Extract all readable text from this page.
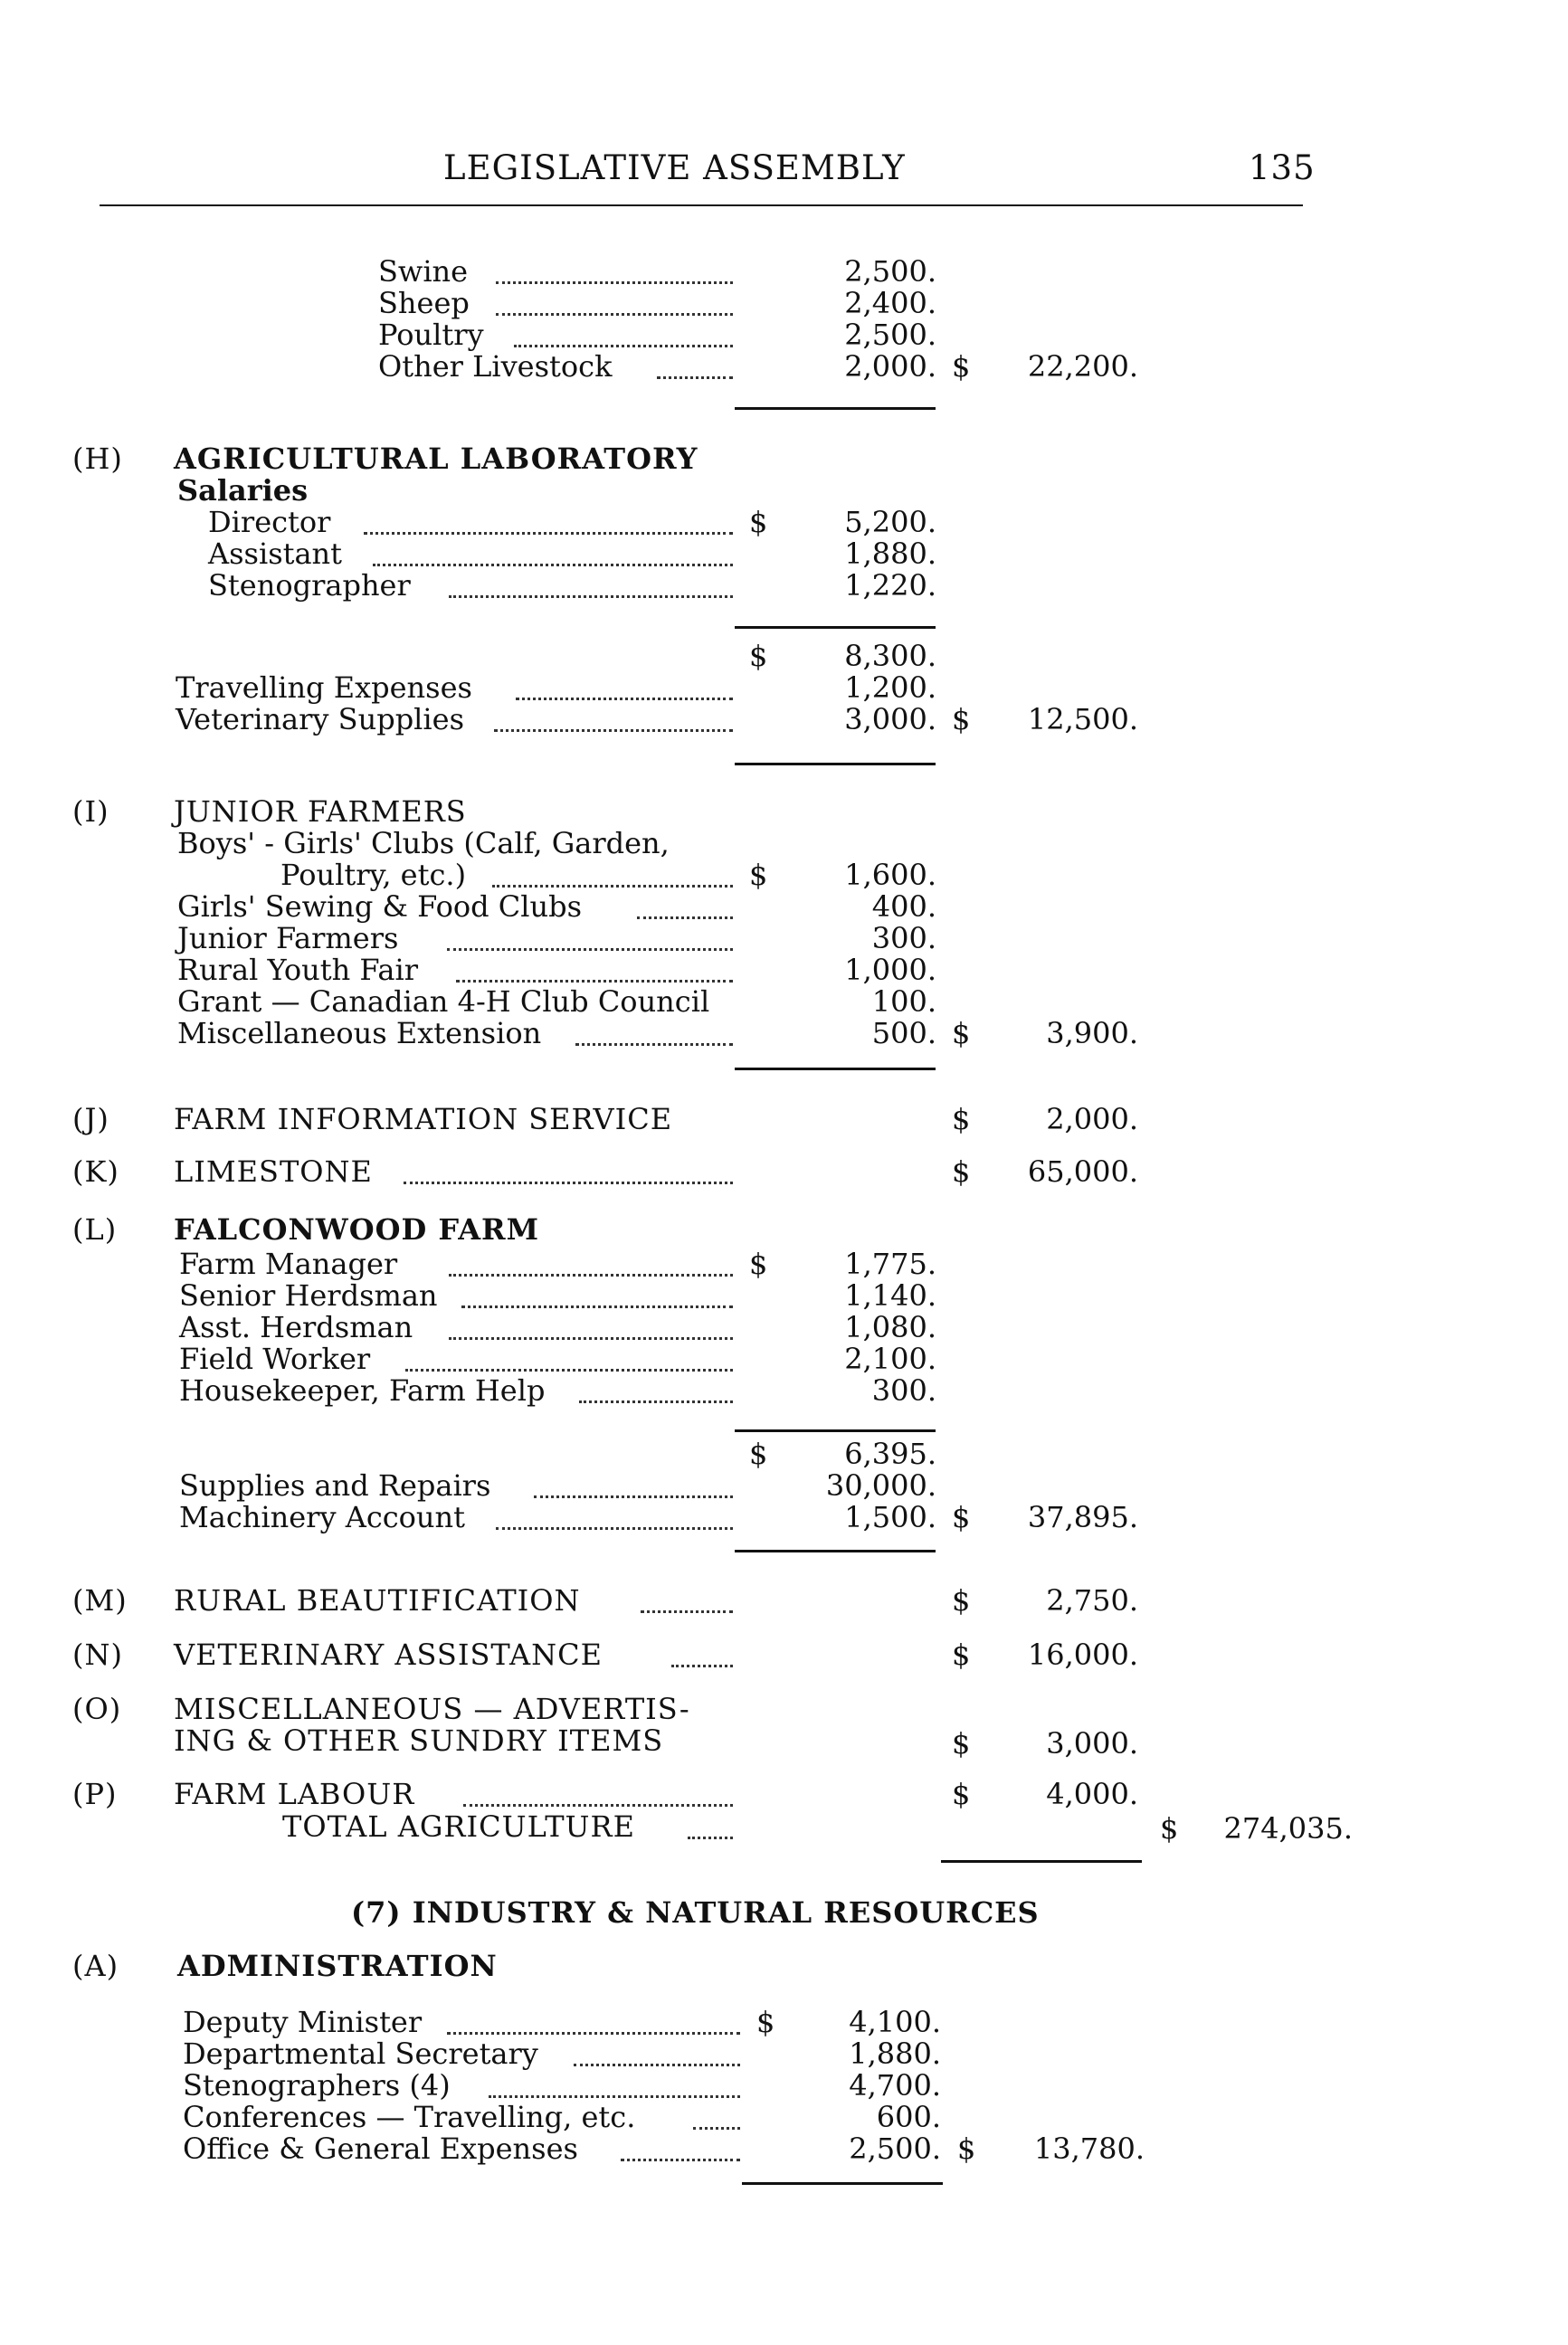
LEGISLATIVE ASSEMBLY	135
Swine	2,500.
Sheep	2,400.
Poultry	2,500.
Other Livestock	2,000. $	22,200.
(H) AGRICULTURAL LABORATORY
Salaries
Director	$	5,200.
Assistant	1,880.
Stenographer	1,220.
$	8,300.
Travelling Expenses	1,200.
Veterinary Supplies	3,000. $	12,500.
(I) JUNIOR FARMERS
Boys' - Girls' Clubs (Calf, Garden,
Poultry, etc.)	$	1,600.
Girls' Sewing & Food Clubs	400.
Junior Farmers	300.
Rural Youth Fair	1,000.
Grant — Canadian 4-H Club Council	100.
Miscellaneous Extension	500. $	3,900.
(J) FARM INFORMATION SERVICE	$	2,000.
(K) LIMESTONE	$	65,000.
(L) FALCONWOOD FARM
Farm Manager	$	1,775.
Senior Herdsman	1,140.
Asst. Herdsman	1,080.
Field Worker	2,100.
Housekeeper, Farm Help	300.
$	6,395.
Supplies and Repairs	30,000.
Machinery Account	1,500. $	37,895.
(M) RURAL BEAUTIFICATION	$	2,750.
(N) VETERINARY ASSISTANCE	$	16,000.
(O) MISCELLANEOUS — ADVERTIS-
ING & OTHER SUNDRY ITEMS	$	3,000.
(P) FARM LABOUR	$	4,000.
TOTAL AGRICULTURE	$	274,035.
(7) INDUSTRY & NATURAL RESOURCES
(A) ADMINISTRATION
Deputy Minister	$	4,100.
Departmental Secretary	1,880.
Stenographers (4)	4,700.
Conferences — Travelling, etc.	600.
Office & General Expenses	2,500. $	13,780.
